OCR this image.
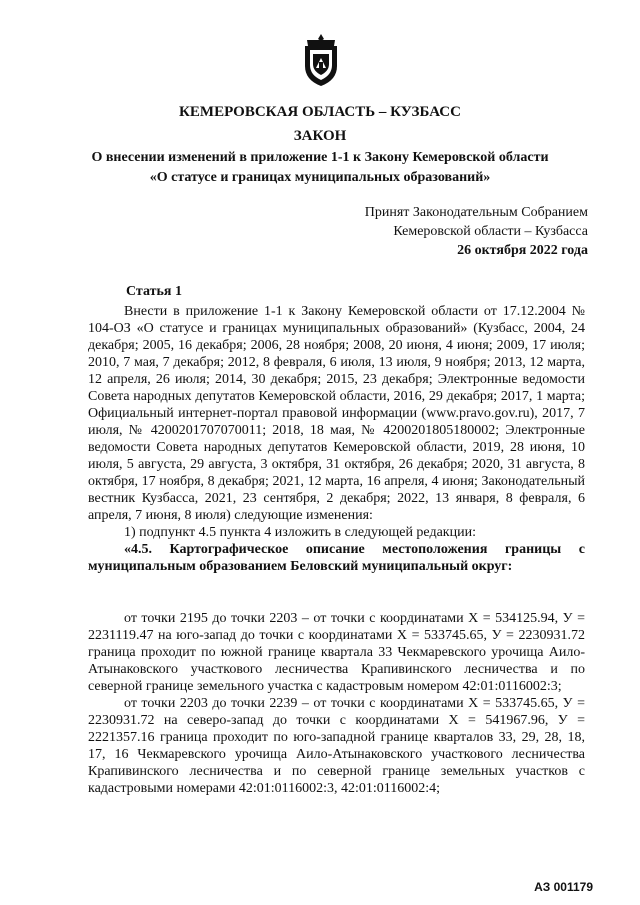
КЕМЕРОВСКАЯ ОБЛАСТЬ – КУЗБАСС
ЗАКОН
О внесении изменений в приложение 1-1 к Закону Кемеровской области
«О статусе и границах муниципальных образований»
Принят Законодательным Собранием
Кемеровской области – Кузбасса
26 октября 2022 года
Статья 1
Внести в приложение 1-1 к Закону Кемеровской области от 17.12.2004 № 104-ОЗ «О статусе и границах муниципальных образований» (Кузбасс, 2004, 24 декабря; 2005, 16 декабря; 2006, 28 ноября; 2008, 20 июня, 4 июня; 2009, 17 июля; 2010, 7 мая, 7 декабря; 2012, 8 февраля, 6 июля, 13 июля, 9 ноября; 2013, 12 марта, 12 апреля, 26 июля; 2014, 30 декабря; 2015, 23 декабря; Электронные ведомости Совета народных депутатов Кемеровской области, 2016, 29 декабря; 2017, 1 марта; Официальный интернет-портал правовой информации (www.pravo.gov.ru), 2017, 7 июля, № 4200201707070011; 2018, 18 мая, № 4200201805180002; Электронные ведомости Совета народных депутатов Кемеровской области, 2019, 28 июня, 10 июля, 5 августа, 29 августа, 3 октября, 31 октября, 26 декабря; 2020, 31 августа, 8 октября, 17 ноября, 8 декабря; 2021, 12 марта, 16 апреля, 4 июня; Законодательный вестник Кузбасса, 2021, 23 сентября, 2 декабря; 2022, 13 января, 8 февраля, 6 апреля, 7 июня, 8 июля) следующие изменения:
1) подпункт 4.5 пункта 4 изложить в следующей редакции:
«4.5. Картографическое описание местоположения границы с муниципальным образованием Беловский муниципальный округ:
от точки 2195 до точки 2203 – от точки с координатами Х = 534125.94, У = 2231119.47 на юго-запад до точки с координатами Х = 533745.65, У = 2230931.72 граница проходит по южной границе квартала 33 Чекмаревского урочища Аило-Атынаковского участкового лесничества Крапивинского лесничества и по северной границе земельного участка с кадастровым номером 42:01:0116002:3;
от точки 2203 до точки 2239 – от точки с координатами Х = 533745.65, У = 2230931.72 на северо-запад до точки с координатами Х = 541967.96, У = 2221357.16 граница проходит по юго-западной границе кварталов 33, 29, 28, 18, 17, 16 Чекмаревского урочища Аило-Атынаковского участкового лесничества Крапивинского лесничества и по северной границе земельных участков с кадастровыми номерами 42:01:0116002:3, 42:01:0116002:4;
АЗ 001179
